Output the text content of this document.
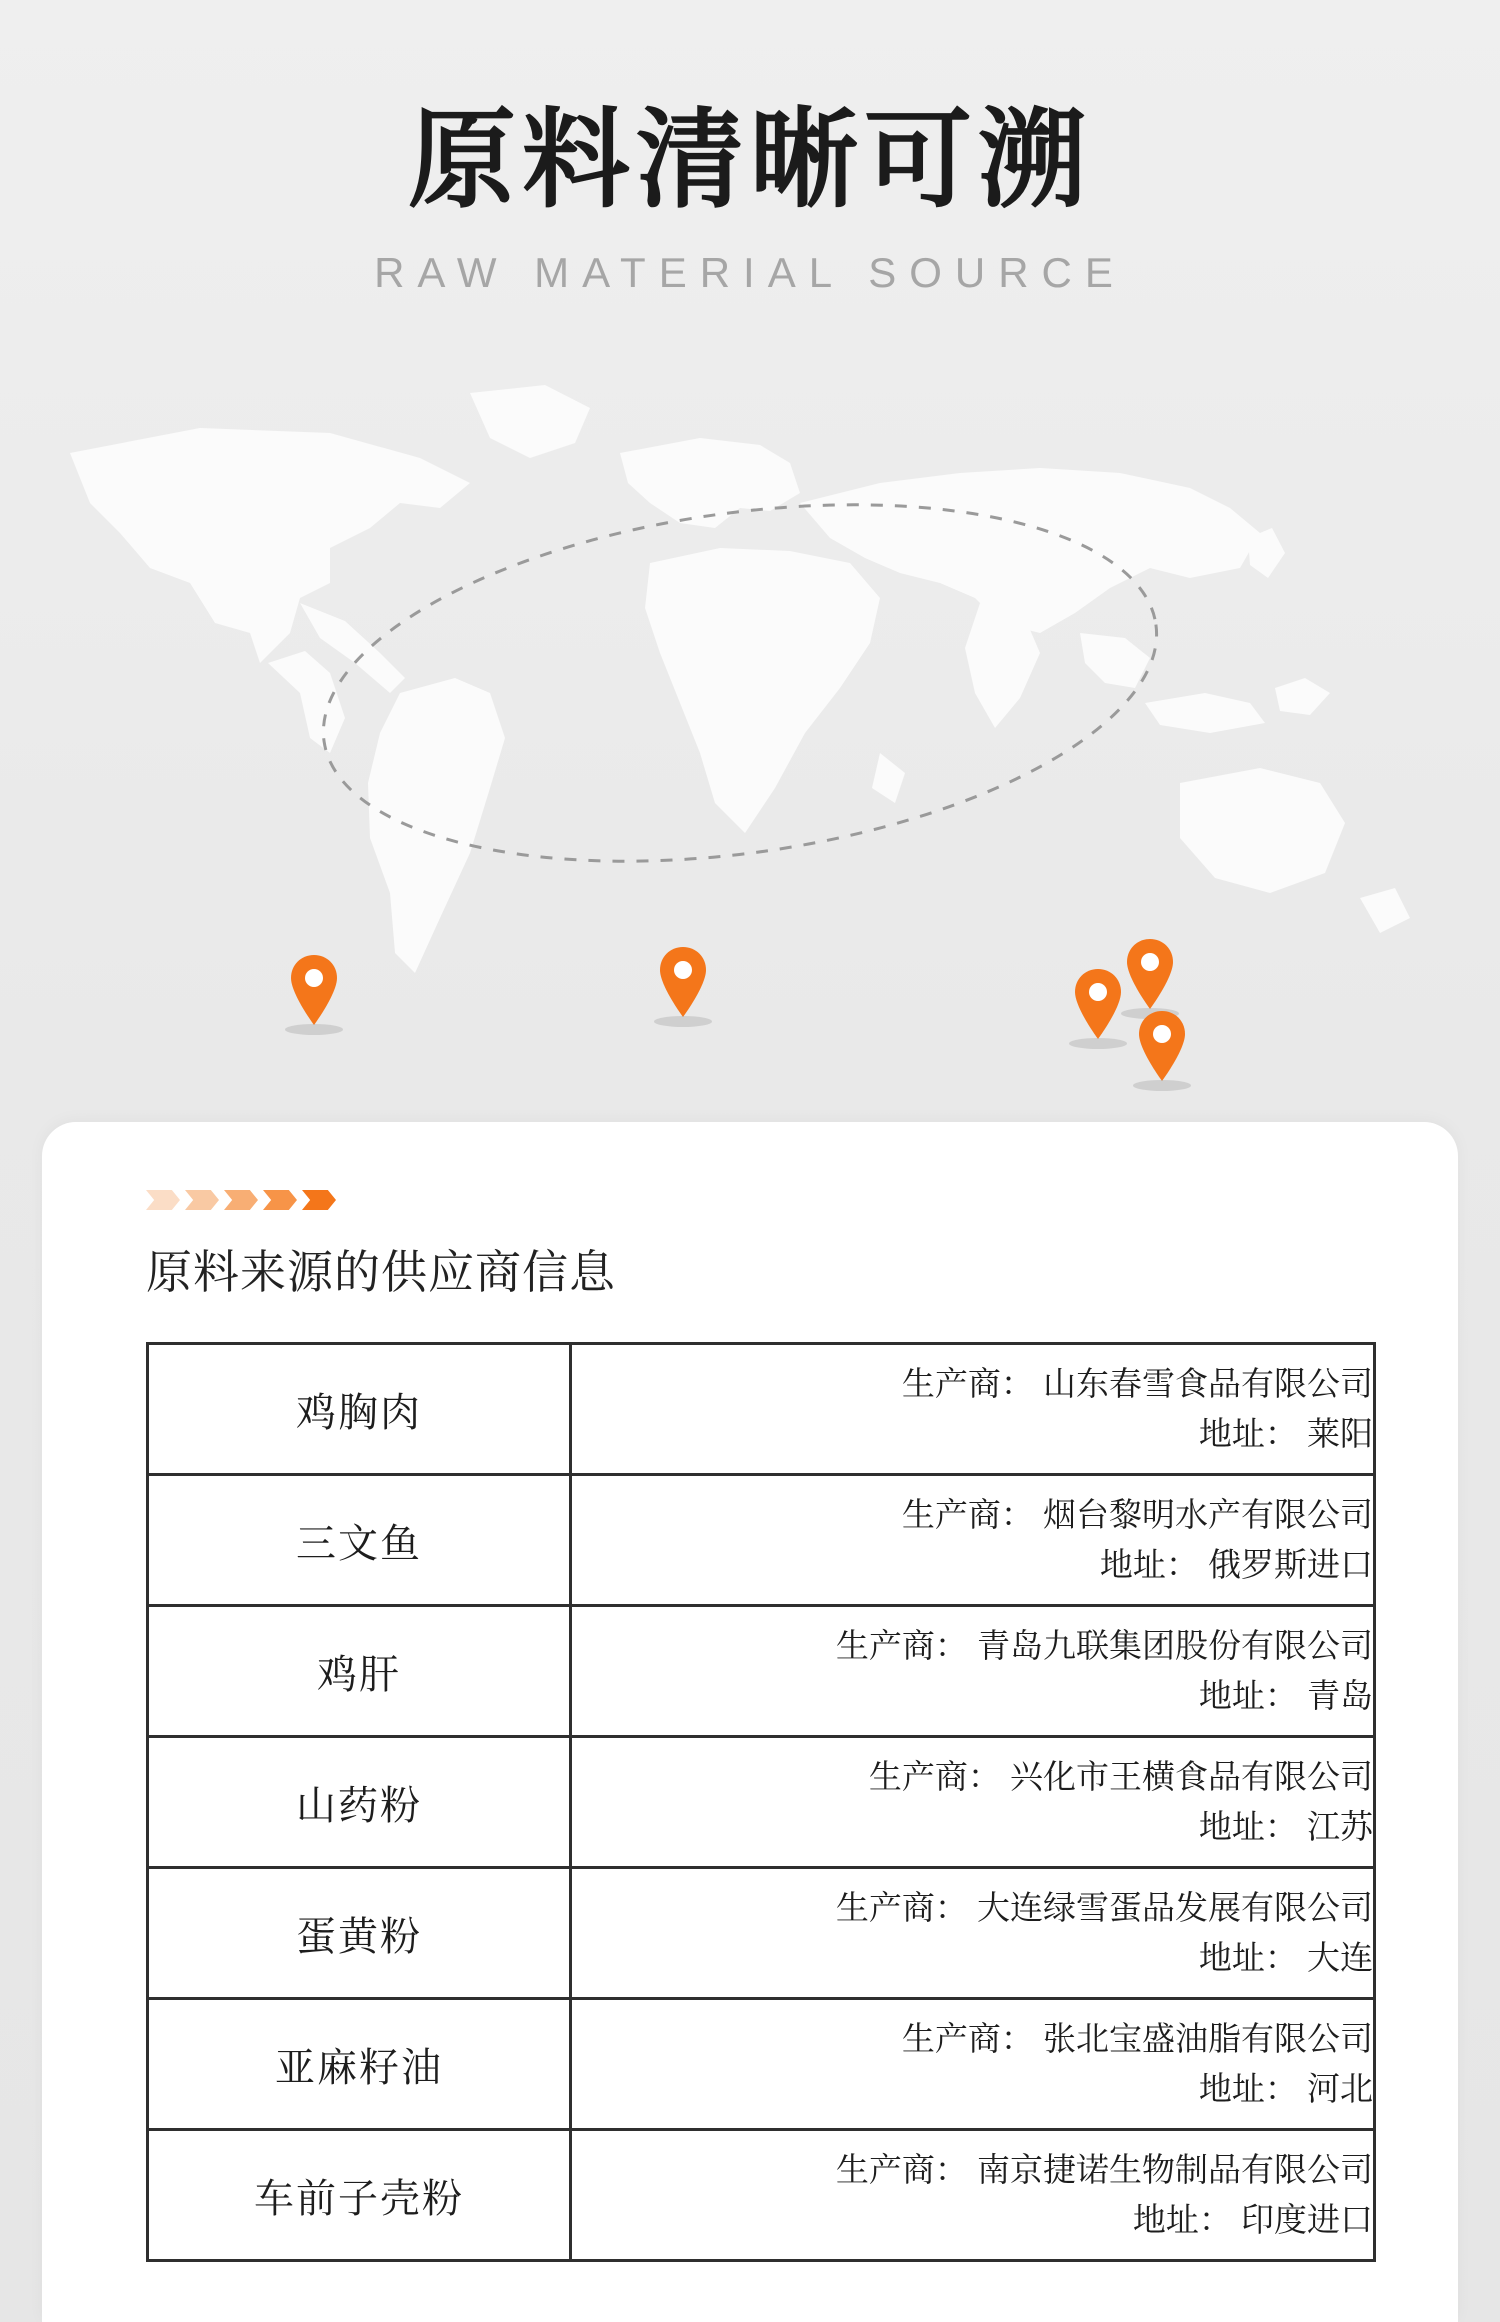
原料清晰可溯
RAW MATERIAL SOURCE
原料来源的供应商信息
鸡胸肉	生产商： 山东春雪食品有限公司
地址： 莱阳

三文鱼	生产商： 烟台黎明水产有限公司
地址： 俄罗斯进口

鸡肝	生产商： 青岛九联集团股份有限公司
地址： 青岛

山药粉	生产商： 兴化市王横食品有限公司
地址： 江苏

蛋黄粉	生产商： 大连绿雪蛋品发展有限公司
地址： 大连

亚麻籽油	生产商： 张北宝盛油脂有限公司
地址： 河北

车前子壳粉	生产商： 南京捷诺生物制品有限公司
地址： 印度进口
